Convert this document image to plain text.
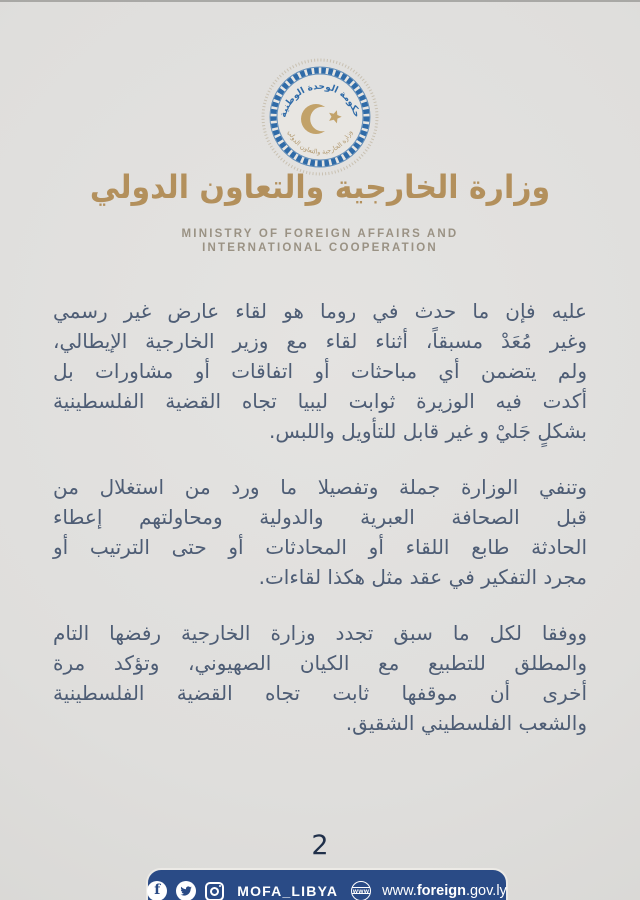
حكومة الوحدة الوطنية
وزارة الخارجية والتعاون الدولي
وزارة الخارجية والتعاون الدولي
MINISTRY OF FOREIGN AFFAIRS AND
INTERNATIONAL COOPERATION
عليه فإن ما حدث في روما هو لقاء عارض غير رسمي
وغير مُعَدْ مسبقاً، أثناء لقاء مع وزير الخارجية الإيطالي،
ولم يتضمن أي مباحثات أو اتفاقات أو مشاورات بل
أكدت فيه الوزيرة ثوابت ليبيا تجاه القضية الفلسطينية
بشكلٍ جَليْ و غير قابل للتأويل واللبس.
وتنفي الوزارة جملة وتفصيلا ما ورد من استغلال من
قبل الصحافة العبرية والدولية ومحاولتهم إعطاء
الحادثة طابع اللقاء أو المحادثات أو حتى الترتيب أو
مجرد التفكير في عقد مثل هكذا لقاءات.
ووفقا لكل ما سبق تجدد وزارة الخارجية رفضها التام
والمطلق للتطبيع مع الكيان الصهيوني، وتؤكد مرة
أخرى أن موقفها ثابت تجاه القضية الفلسطينية
والشعب الفلسطيني الشقيق.
2
f
MOFA_LIBYA www www.foreign.gov.ly
